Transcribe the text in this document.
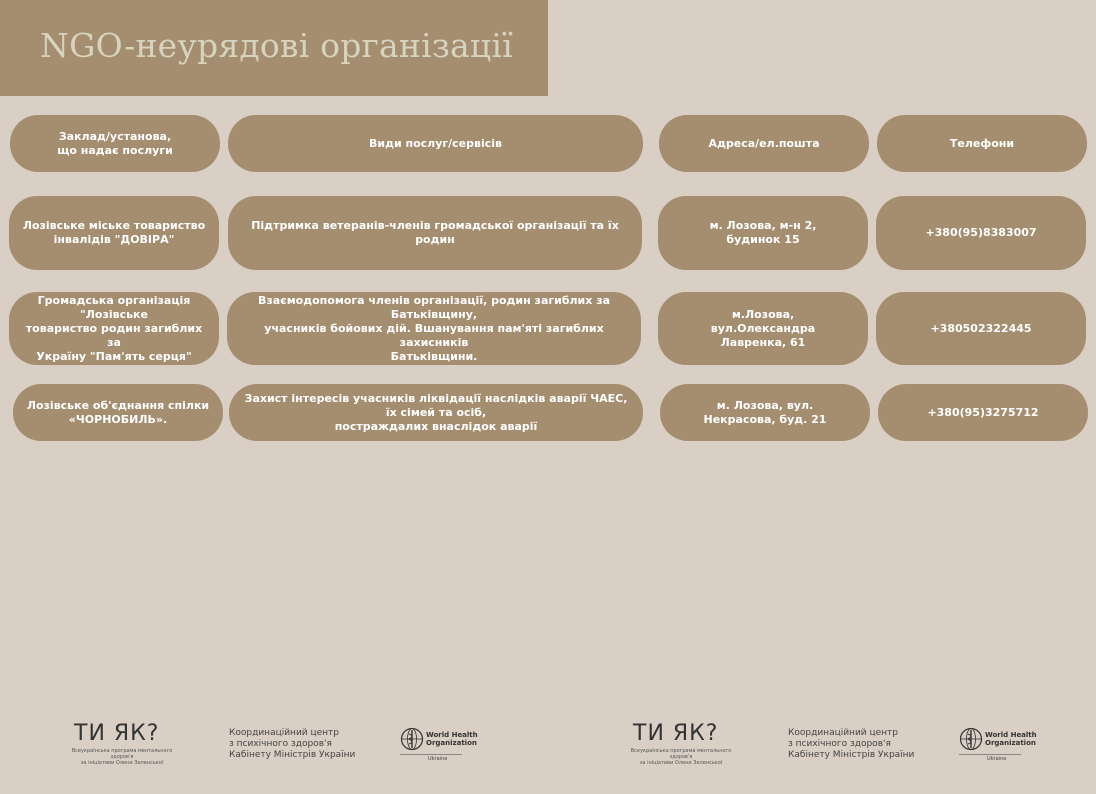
NGO-неурядові організації
Заклад/установа,
що надає послуги
Види послуг/сервісів	Адреса/ел.пошта	Телефони
Лозівське міське товариство
інвалідів "ДОВІРА"
Підтримка ветеранів-членів громадської організації та їх родин
м. Лозова, м-н 2,
будинок 15
+380(95)8383007
Громадська організація "Лозівське
товариство родин загиблих за
Україну "Пам'ять серця"
Взаємодопомога членів організації, родин загиблих за Батьківщину,
учасників бойових дій. Вшанування пам'яті загиблих захисників
Батьківщини.
м.Лозова,
вул.Олександра
Лавренка, 61
+380502322445
Лозівське об'єднання спілки
«ЧОРНОБИЛЬ».
Захист інтересів учасників ліквідації наслідків аварії ЧАЕС, їх сімей та осіб,
постраждалих внаслідок аварії
м. Лозова, вул.
Некрасова, буд. 21
+380(95)3275712
ТИ ЯК?
Всеукраїнська програма ментального здоров'я
за ініціативи Олени Зеленської
Координаційний центр
з психічного здоров'я
Кабінету Міністрів України
World Health
Organization
Ukraine
ТИ ЯК?
Всеукраїнська програма ментального здоров'я
за ініціативи Олени Зеленської
Координаційний центр
з психічного здоров'я
Кабінету Міністрів України
World Health
Organization
Ukraine
